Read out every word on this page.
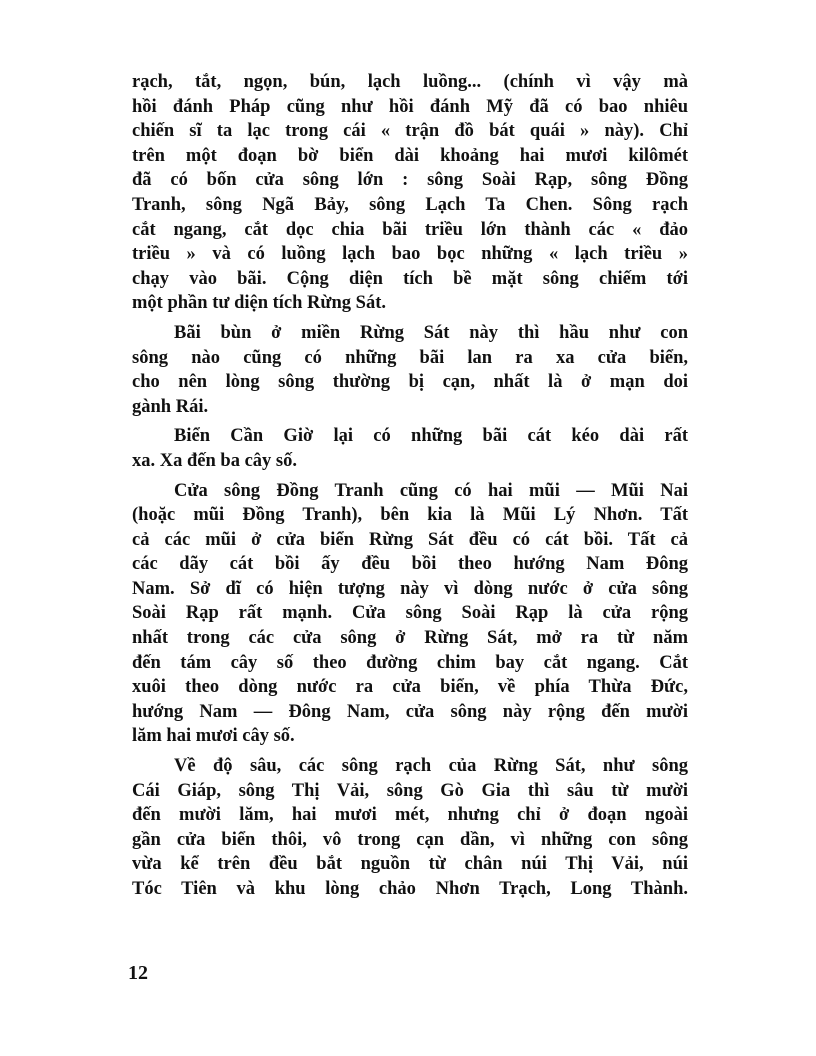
rạch, tắt, ngọn, bún, lạch luồng... (chính vì vậy mà
hồi đánh Pháp cũng như hồi đánh Mỹ đã có bao nhiêu
chiến sĩ ta lạc trong cái « trận đồ bát quái » này). Chỉ
trên một đoạn bờ biển dài khoảng hai mươi kilômét
đã có bốn cửa sông lớn : sông Soài Rạp, sông Đồng
Tranh, sông Ngã Bảy, sông Lạch Ta Chen. Sông rạch
cắt ngang, cắt dọc chia bãi triều lớn thành các « đảo
triều » và có luồng lạch bao bọc những « lạch triều »
chạy vào bãi. Cộng diện tích bề mặt sông chiếm tới
một phần tư diện tích Rừng Sát.

Bãi bùn ở miền Rừng Sát này thì hầu như con
sông nào cũng có những bãi lan ra xa cửa biển,
cho nên lòng sông thường bị cạn, nhất là ở mạn doi
gành Rái.

Biển Cần Giờ lại có những bãi cát kéo dài rất
xa. Xa đến ba cây số.

Cửa sông Đồng Tranh cũng có hai mũi — Mũi Nai
(hoặc mũi Đồng Tranh), bên kia là Mũi Lý Nhơn. Tất
cả các mũi ở cửa biển Rừng Sát đều có cát bồi. Tất cả
các dãy cát bồi ấy đều bồi theo hướng Nam Đông
Nam. Sở dĩ có hiện tượng này vì dòng nước ở cửa sông
Soài Rạp rất mạnh. Cửa sông Soài Rạp là cửa rộng
nhất trong các cửa sông ở Rừng Sát, mở ra từ năm
đến tám cây số theo đường chim bay cắt ngang. Cắt
xuôi theo dòng nước ra cửa biển, về phía Thừa Đức,
hướng Nam — Đông Nam, cửa sông này rộng đến mười
lăm hai mươi cây số.

Về độ sâu, các sông rạch của Rừng Sát, như sông
Cái Giáp, sông Thị Vải, sông Gò Gia thì sâu từ mười
đến mười lăm, hai mươi mét, nhưng chỉ ở đoạn ngoài
gần cửa biển thôi, vô trong cạn dần, vì những con sông
vừa kể trên đều bắt nguồn từ chân núi Thị Vải, núi
Tóc Tiên và khu lòng chảo Nhơn Trạch, Long Thành.

12
